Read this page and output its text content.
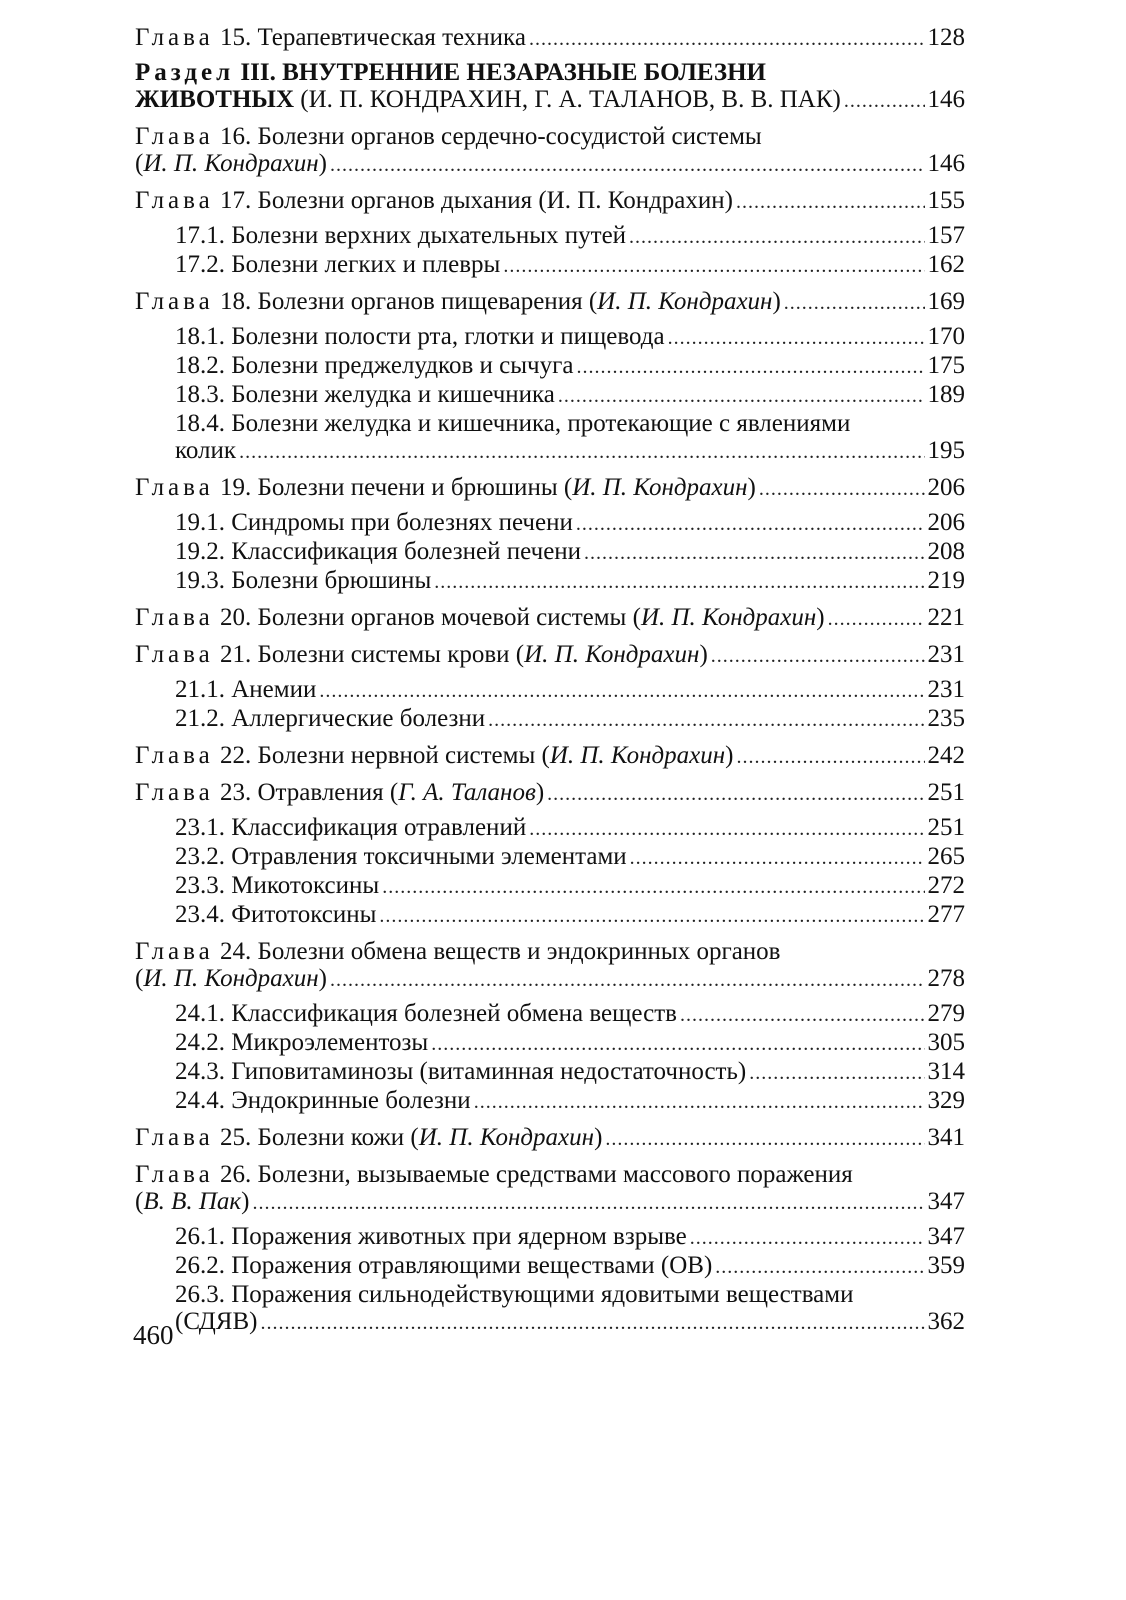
Глава 15. Терапевтическая техника .....	128
Раздел III. ВНУТРЕННИЕ НЕЗАРАЗНЫЕ БОЛЕЗНИ
ЖИВОТНЫХ (И. П. КОНДРАХИН, Г. А. ТАЛАНОВ, В. В. ПАК) .....	146
Глава 16. Болезни органов сердечно-сосудистой системы
(И. П. Кондрахин) .....	146
Глава 17. Болезни органов дыхания (И. П. Кондрахин) .....	155
17.1. Болезни верхних дыхательных путей .....	157
17.2. Болезни легких и плевры .....	162
Глава 18. Болезни органов пищеварения (И. П. Кондрахин) .....	169
18.1. Болезни полости рта, глотки и пищевода .....	170
18.2. Болезни преджелудков и сычуга .....	175
18.3. Болезни желудка и кишечника .....	189
18.4. Болезни желудка и кишечника, протекающие с явлениями
колик .....	195
Глава 19. Болезни печени и брюшины (И. П. Кондрахин) .....	206
19.1. Синдромы при болезнях печени .....	206
19.2. Классификация болезней печени .....	208
19.3. Болезни брюшины .....	219
Глава 20. Болезни органов мочевой системы (И. П. Кондрахин) .....	221
Глава 21. Болезни системы крови (И. П. Кондрахин) .....	231
21.1. Анемии .....	231
21.2. Аллергические болезни .....	235
Глава 22. Болезни нервной системы (И. П. Кондрахин) .....	242
Глава 23. Отравления (Г. А. Таланов) .....	251
23.1. Классификация отравлений .....	251
23.2. Отравления токсичными элементами .....	265
23.3. Микотоксины .....	272
23.4. Фитотоксины .....	277
Глава 24. Болезни обмена веществ и эндокринных органов
(И. П. Кондрахин) .....	278
24.1. Классификация болезней обмена веществ .....	279
24.2. Микроэлементозы .....	305
24.3. Гиповитаминозы (витаминная недостаточность) .....	314
24.4. Эндокринные болезни .....	329
Глава 25. Болезни кожи (И. П. Кондрахин) .....	341
Глава 26. Болезни, вызываемые средствами массового поражения
(В. В. Пак) .....	347
26.1. Поражения животных при ядерном взрыве .....	347
26.2. Поражения отравляющими веществами (ОВ) .....	359
26.3. Поражения сильнодействующими ядовитыми веществами
(СДЯВ) .....	362
460
